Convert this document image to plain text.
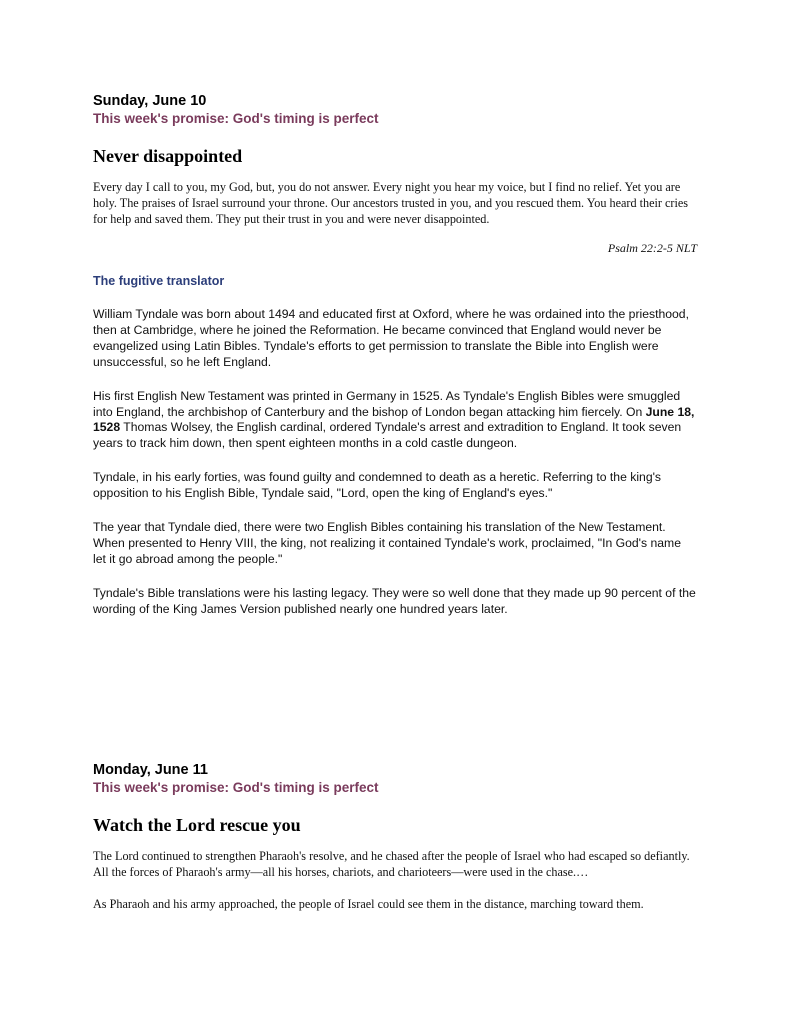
Sunday, June 10

This week's promise: God's timing is perfect

Never disappointed

Every day I call to you, my God, but, you do not answer. Every night you hear my voice, but I find no relief. Yet you are holy. The praises of Israel surround your throne. Our ancestors trusted in you, and you rescued them. You heard their cries for help and saved them. They put their trust in you and were never disappointed.

Psalm 22:2-5 NLT

The fugitive translator

William Tyndale was born about 1494 and educated first at Oxford, where he was ordained into the priesthood, then at Cambridge, where he joined the Reformation. He became convinced that England would never be evangelized using Latin Bibles. Tyndale's efforts to get permission to translate the Bible into English were unsuccessful, so he left England.

His first English New Testament was printed in Germany in 1525. As Tyndale's English Bibles were smuggled into England, the archbishop of Canterbury and the bishop of London began attacking him fiercely. On June 18, 1528 Thomas Wolsey, the English cardinal, ordered Tyndale's arrest and extradition to England. It took seven years to track him down, then spent eighteen months in a cold castle dungeon.

Tyndale, in his early forties, was found guilty and condemned to death as a heretic. Referring to the king's opposition to his English Bible, Tyndale said, "Lord, open the king of England's eyes."

The year that Tyndale died, there were two English Bibles containing his translation of the New Testament. When presented to Henry VIII, the king, not realizing it contained Tyndale's work, proclaimed, "In God's name let it go abroad among the people."

Tyndale's Bible translations were his lasting legacy. They were so well done that they made up 90 percent of the wording of the King James Version published nearly one hundred years later.

Monday, June 11

This week's promise: God's timing is perfect

Watch the Lord rescue you

The Lord continued to strengthen Pharaoh's resolve, and he chased after the people of Israel who had escaped so defiantly. All the forces of Pharaoh's army—all his horses, chariots, and charioteers—were used in the chase.…

As Pharaoh and his army approached, the people of Israel could see them in the distance, marching toward them.
